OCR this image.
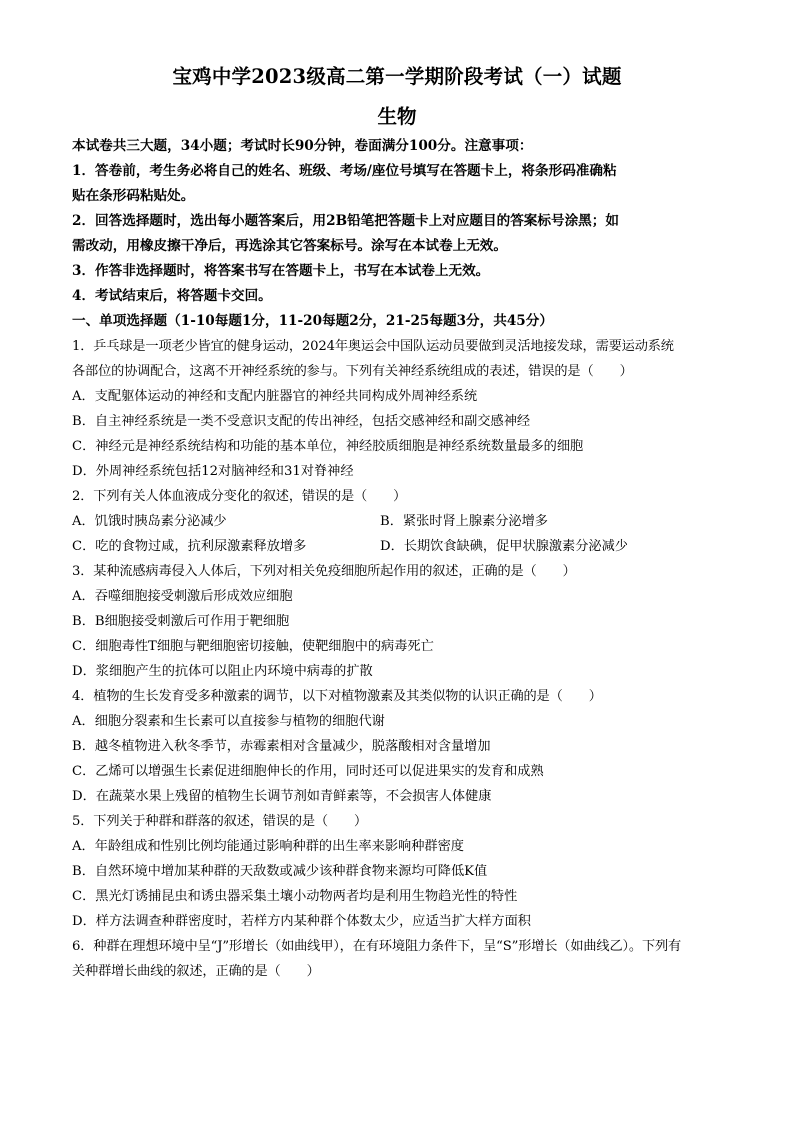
宝鸡中学2023级高二第一学期阶段考试（一）试题
生物
本试卷共三大题，34小题；考试时长90分钟，卷面满分100分。注意事项：
1．答卷前，考生务必将自己的姓名、班级、考场/座位号填写在答题卡上，将条形码准确粘
贴在条形码粘贴处。
2．回答选择题时，选出每小题答案后，用2B铅笔把答题卡上对应题目的答案标号涂黑；如
需改动，用橡皮擦干净后，再选涂其它答案标号。涂写在本试卷上无效。
3．作答非选择题时，将答案书写在答题卡上，书写在本试卷上无效。
4．考试结束后，将答题卡交回。
一、单项选择题（1-10每题1分，11-20每题2分，21-25每题3分，共45分）
1．乒乓球是一项老少皆宜的健身运动，2024年奥运会中国队运动员要做到灵活地接发球，需要运动系统
各部位的协调配合，这离不开神经系统的参与。下列有关神经系统组成的表述，错误的是（　　）
A．支配躯体运动的神经和支配内脏器官的神经共同构成外周神经系统
B．自主神经系统是一类不受意识支配的传出神经，包括交感神经和副交感神经
C．神经元是神经系统结构和功能的基本单位，神经胶质细胞是神经系统数量最多的细胞
D．外周神经系统包括12对脑神经和31对脊神经
2．下列有关人体血液成分变化的叙述，错误的是（　　）
A．饥饿时胰岛素分泌减少	B．紧张时肾上腺素分泌增多
C．吃的食物过咸，抗利尿激素释放增多	D．长期饮食缺碘，促甲状腺激素分泌减少
3．某种流感病毒侵入人体后，下列对相关免疫细胞所起作用的叙述，正确的是（　　）
A．吞噬细胞接受刺激后形成效应细胞
B．B细胞接受刺激后可作用于靶细胞
C．细胞毒性T细胞与靶细胞密切接触，使靶细胞中的病毒死亡
D．浆细胞产生的抗体可以阻止内环境中病毒的扩散
4．植物的生长发育受多种激素的调节，以下对植物激素及其类似物的认识正确的是（　　）
A．细胞分裂素和生长素可以直接参与植物的细胞代谢
B．越冬植物进入秋冬季节，赤霉素相对含量减少，脱落酸相对含量增加
C．乙烯可以增强生长素促进细胞伸长的作用，同时还可以促进果实的发育和成熟
D．在蔬菜水果上残留的植物生长调节剂如青鲜素等，不会损害人体健康
5．下列关于种群和群落的叙述，错误的是（　　）
A．年龄组成和性别比例均能通过影响种群的出生率来影响种群密度
B．自然环境中增加某种群的天敌数或减少该种群食物来源均可降低K值
C．黑光灯诱捕昆虫和诱虫器采集土壤小动物两者均是利用生物趋光性的特性
D．样方法调查种群密度时，若样方内某种群个体数太少，应适当扩大样方面积
6．种群在理想环境中呈“J”形增长（如曲线甲），在有环境阻力条件下，呈“S”形增长（如曲线乙）。下列有
关种群增长曲线的叙述，正确的是（　　）
